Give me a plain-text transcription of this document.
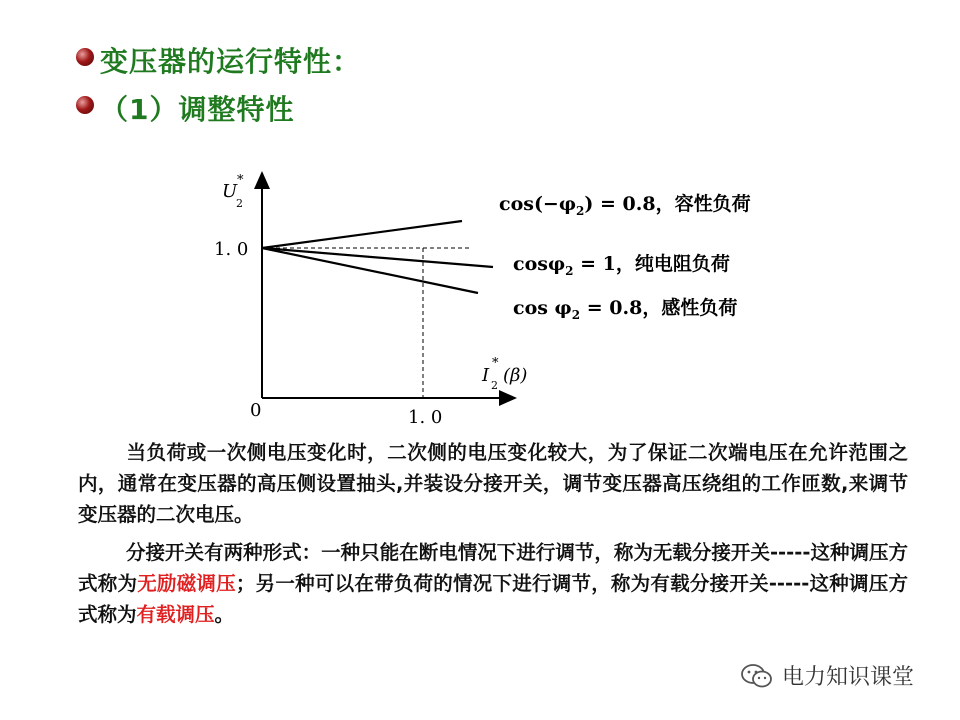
变压器的运行特性：
（1）调整特性
U
2
*
1. 0
I 2
*
(β)
0	1. 0
$\cos(-\varphi_2) = 0.8$，容性负荷
cosφ$_2$ = 1，纯电阻负荷
$\cos \varphi_2 = 0.8$，感性负荷
当负荷或一次侧电压变化时，二次侧的电压变化较大，为了保证二次端电压在允许范围之内，通常在变压器的高压侧设置抽头,并装设分接开关，调节变压器高压绕组的工作匝数,来调节变压器的二次电压。
分接开关有两种形式：一种只能在断电情况下进行调节，称为无载分接开关-----这种调压方式称为无励磁调压；另一种可以在带负荷的情况下进行调节，称为有载分接开关-----这种调压方式称为有载调压。
电力知识课堂
